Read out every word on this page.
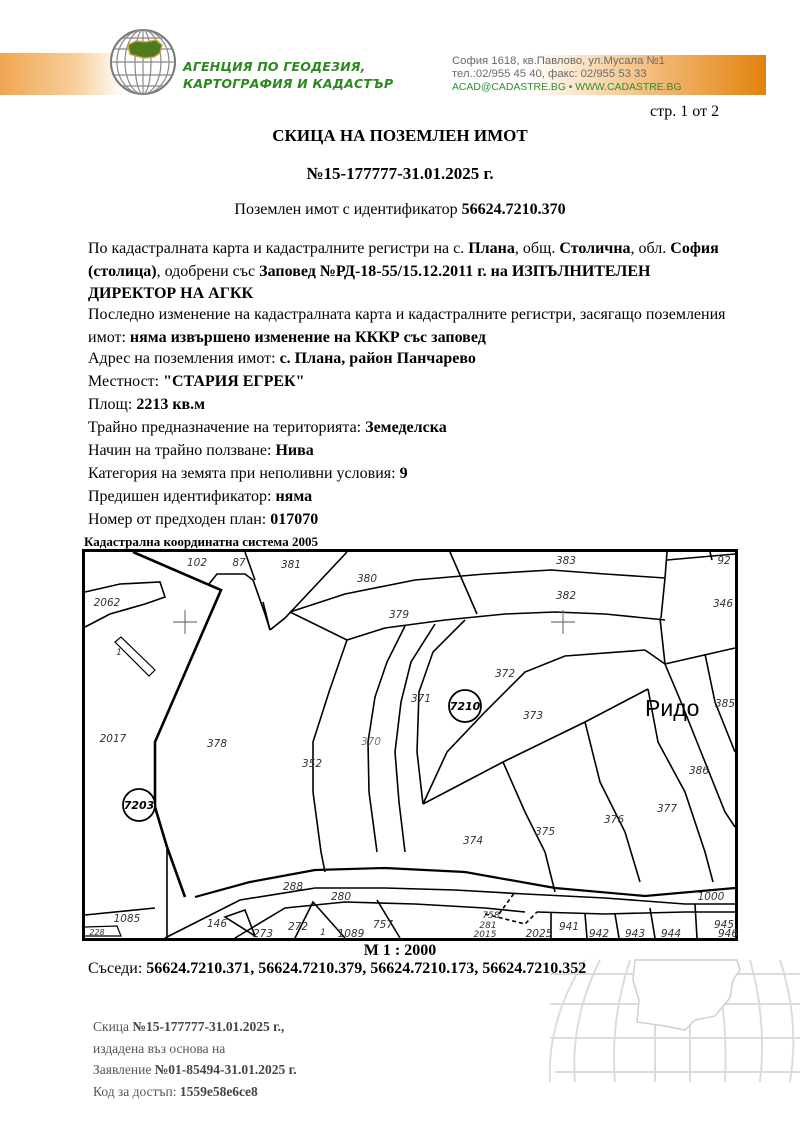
АГЕНЦИЯ ПО ГЕОДЕЗИЯ,
КАРТОГРАФИЯ И КАДАСТЪР
София 1618, кв.Павлово, ул.Мусала №1
тел.:02/955 45 40, факс: 02/955 53 33
ACAD@CADASTRE.BG • WWW.CADASTRE.BG
стр. 1 от 2
СКИЦА НА ПОЗЕМЛЕН ИМОТ
№15-177777-31.01.2025 г.
Поземлен имот с идентификатор 56624.7210.370
По кадастралната карта и кадастралните регистри на с. Плана, общ. Столична, обл. София (столица), одобрени със Заповед №РД-18-55/15.12.2011 г. на ИЗПЪЛНИТЕЛЕН ДИРЕКТОР НА АГКК
Последно изменение на кадастралната карта и кадастралните регистри, засягащо поземления имот: няма извършено изменение на КККР със заповед
Адрес на поземления имот: с. Плана, район Панчарево
Местност: "СТАРИЯ ЕГРЕК"
Площ: 2213 кв.м
Трайно предназначение на територията: Земеделска
Начин на трайно ползване: Нива
Категория на земята при неполивни условия: 9
Предишен идентификатор: няма
Номер от предходен план: 017070
Кадастрална координатна система 2005
102 87	381
380
383	92
2062
379
382
346
1
372
371
373
385
2017	378	370
352
386
377
376
375
374
1000
288
280
1085	146	757
272
273	1089
1
228
758
281
2015	2025
941
942 943 944
945
946
7203
7210	Ридо
М 1 : 2000
Съседи: 56624.7210.371, 56624.7210.379, 56624.7210.173, 56624.7210.352
Скица №15-177777-31.01.2025 г.,
издадена въз основа на
Заявление №01-85494-31.01.2025 г.
Код за достъп: 1559e58e6ce8
